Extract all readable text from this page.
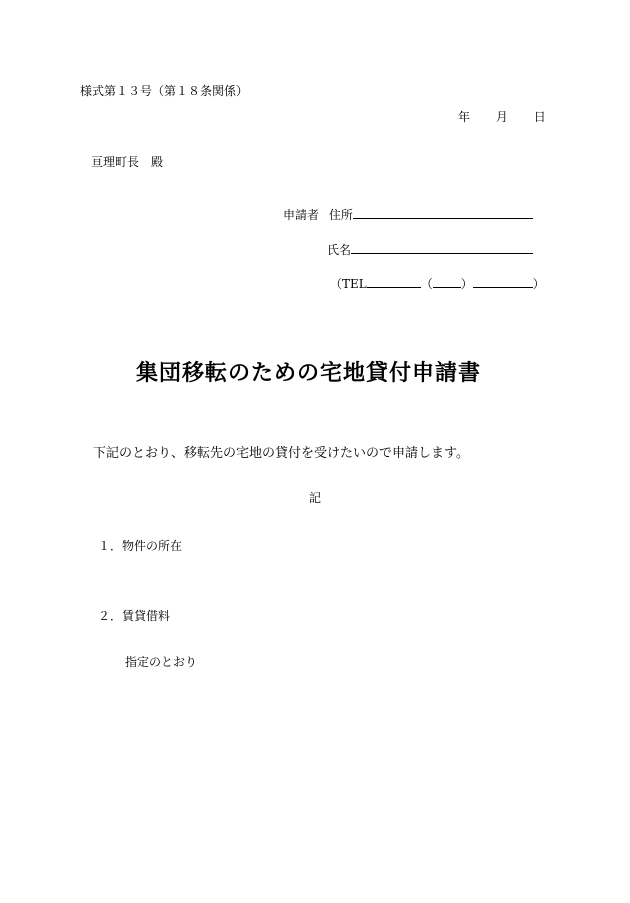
様式第１３号（第１８条関係）
年 月 日
亘理町長　殿
申請者 住所
氏名
（TEL	（ ）	）
集団移転のための宅地貸付申請書
下記のとおり、移転先の宅地の貸付を受けたいので申請します。
記
１．物件の所在
２．賃貸借料
指定のとおり
